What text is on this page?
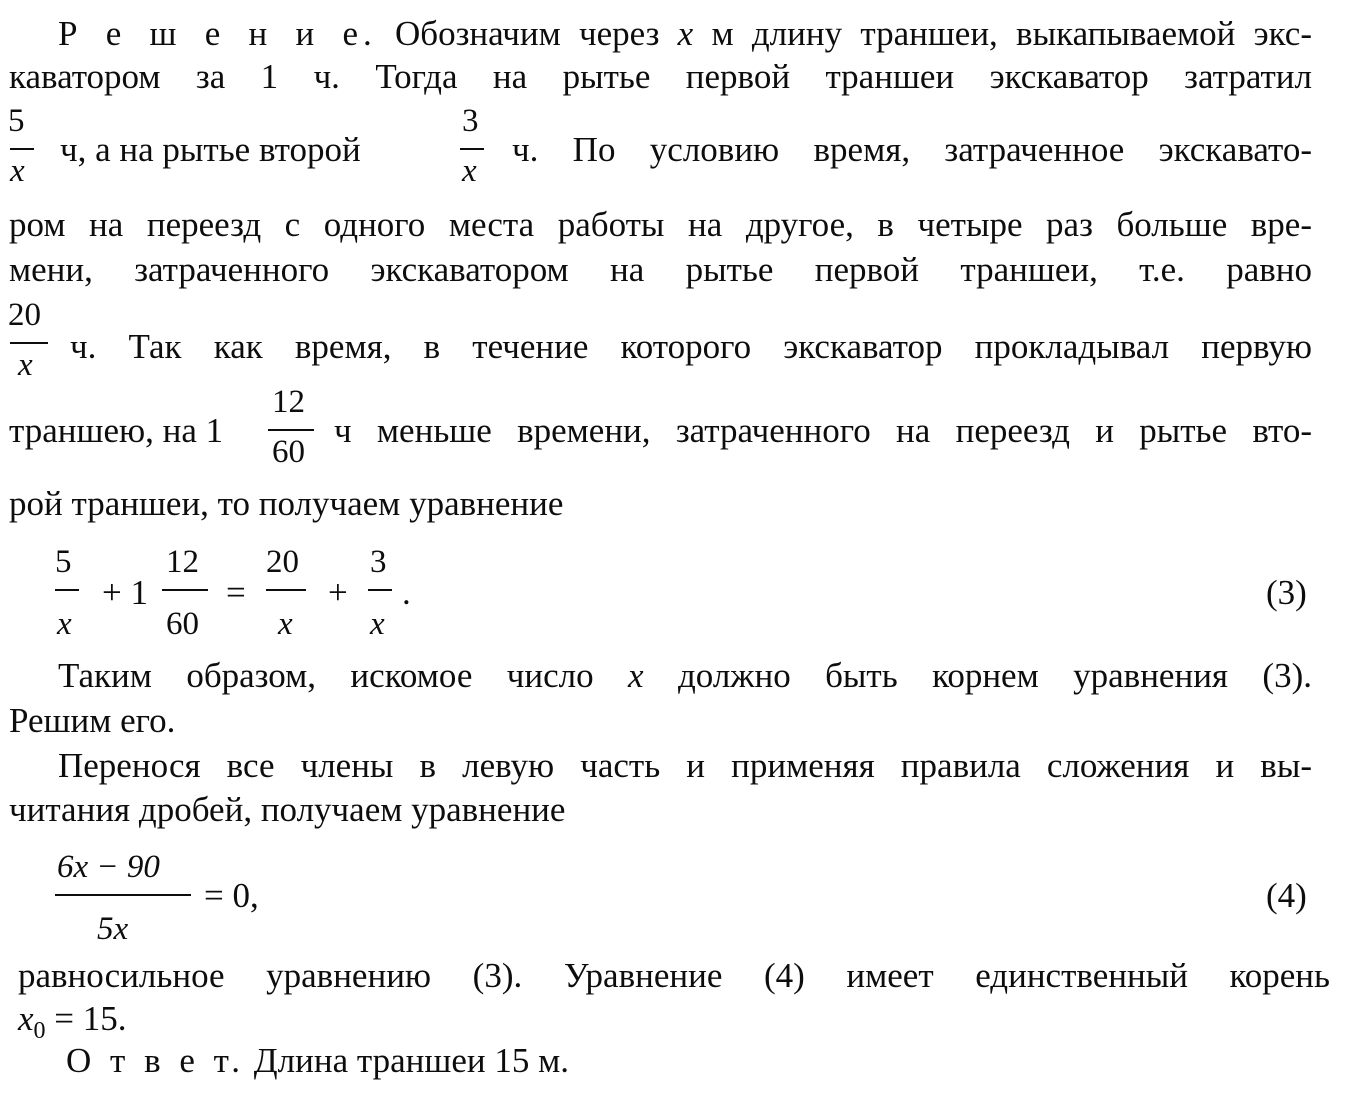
Р е ш е н и е. Обозначим через x м длину траншеи, выкапываемой экс-
каватором за 1 ч. Тогда на рытье первой траншеи экскаватор затратил
5
x
ч, а на рытье второй
3
x
ч. По условию время, затраченное экскавато-
ром на переезд с одного места работы на другое, в четыре раз больше вре-
мени, затраченного экскаватором на рытье первой траншеи, т.е. равно
20
x ч. Так как время, в течение которого экскаватор прокладывал первую
траншею, на 1
12
60
ч меньше времени, затраченного на переезд и рытье вто-
рой траншеи, то получаем уравнение
5
x
+ 1
12
60
=
20
x
+
3
x
.	(3)
Таким образом, искомое число x должно быть корнем уравнения (3).
Решим его.
Перенося все члены в левую часть и применяя правила сложения и вы-
читания дробей, получаем уравнение
6x − 90
5x
= 0,	(4)
равносильное уравнению (3). Уравнение (4) имеет единственный корень
$x_0 = 15$.
О т в е т. Длина траншеи 15 м.
